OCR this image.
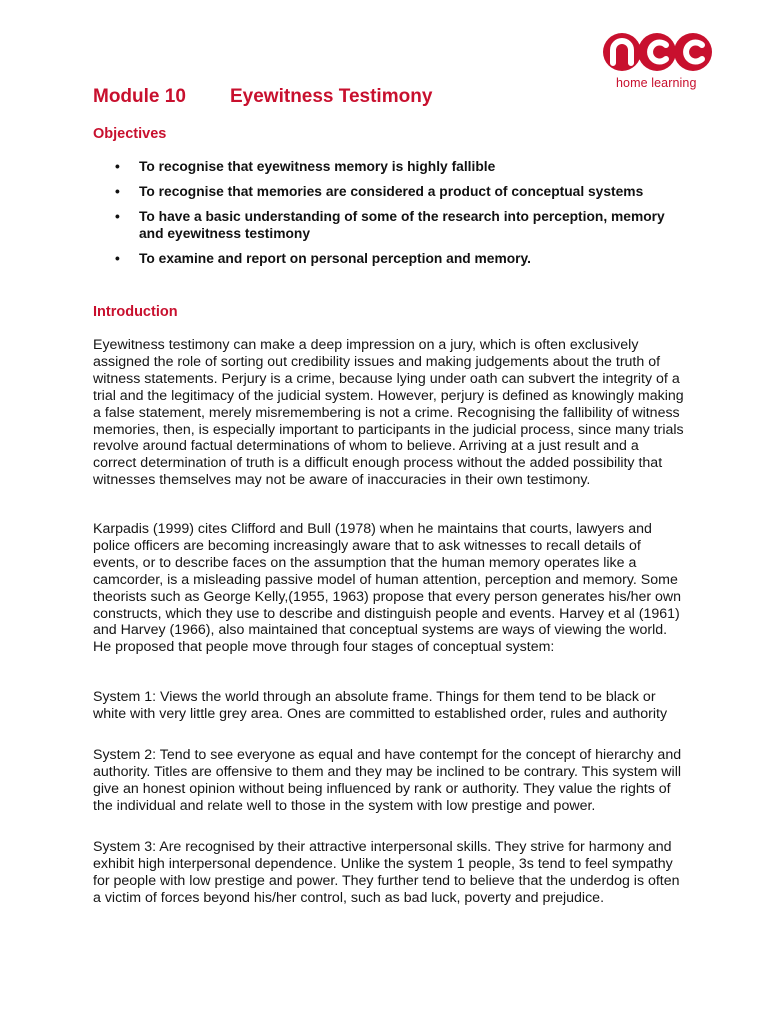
home learning
Module 10 Eyewitness Testimony
Objectives
• To recognise that eyewitness memory is highly fallible
• To recognise that memories are considered a product of conceptual systems
• To have a basic understanding of some of the research into perception, memory and eyewitness testimony
• To examine and report on personal perception and memory.
Introduction

Eyewitness testimony can make a deep impression on a jury, which is often exclusively assigned the role of sorting out credibility issues and making judgements about the truth of witness statements. Perjury is a crime, because lying under oath can subvert the integrity of a trial and the legitimacy of the judicial system. However, perjury is defined as knowingly making a false statement, merely misremembering is not a crime. Recognising the fallibility of witness memories, then, is especially important to participants in the judicial process, since many trials revolve around factual determinations of whom to believe. Arriving at a just result and a correct determination of truth is a difficult enough process without the added possibility that witnesses themselves may not be aware of inaccuracies in their own testimony.

Karpadis (1999) cites Clifford and Bull (1978) when he maintains that courts, lawyers and police officers are becoming increasingly aware that to ask witnesses to recall details of events, or to describe faces on the assumption that the human memory operates like a camcorder, is a misleading passive model of human attention, perception and memory. Some theorists such as George Kelly,(1955, 1963) propose that every person generates his/her own constructs, which they use to describe and distinguish people and events. Harvey et al (1961) and Harvey (1966), also maintained that conceptual systems are ways of viewing the world. He proposed that people move through four stages of conceptual system:

System 1: Views the world through an absolute frame. Things for them tend to be black or white with very little grey area. Ones are committed to established order, rules and authority

System 2: Tend to see everyone as equal and have contempt for the concept of hierarchy and authority. Titles are offensive to them and they may be inclined to be contrary. This system will give an honest opinion without being influenced by rank or authority. They value the rights of the individual and relate well to those in the system with low prestige and power.

System 3: Are recognised by their attractive interpersonal skills. They strive for harmony and exhibit high interpersonal dependence. Unlike the system 1 people, 3s tend to feel sympathy for people with low prestige and power. They further tend to believe that the underdog is often a victim of forces beyond his/her control, such as bad luck, poverty and prejudice.
